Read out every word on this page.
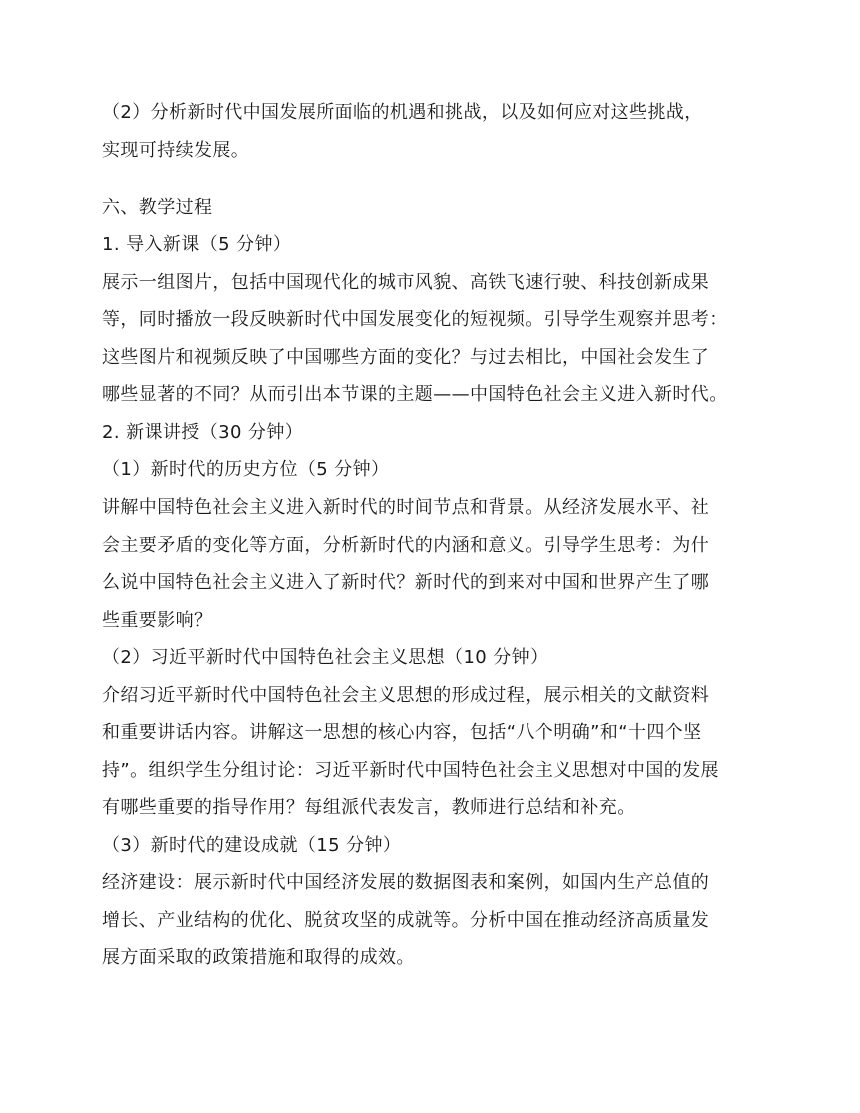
（2）分析新时代中国发展所面临的机遇和挑战，以及如何应对这些挑战，
实现可持续发展。
六、教学过程
1. 导入新课（5 分钟）
展示一组图片，包括中国现代化的城市风貌、高铁飞速行驶、科技创新成果
等，同时播放一段反映新时代中国发展变化的短视频。引导学生观察并思考：
这些图片和视频反映了中国哪些方面的变化？与过去相比，中国社会发生了
哪些显著的不同？从而引出本节课的主题——中国特色社会主义进入新时代。
2. 新课讲授（30 分钟）
（1）新时代的历史方位（5 分钟）
讲解中国特色社会主义进入新时代的时间节点和背景。从经济发展水平、社
会主要矛盾的变化等方面，分析新时代的内涵和意义。引导学生思考：为什
么说中国特色社会主义进入了新时代？新时代的到来对中国和世界产生了哪
些重要影响？
（2）习近平新时代中国特色社会主义思想（10 分钟）
介绍习近平新时代中国特色社会主义思想的形成过程，展示相关的文献资料
和重要讲话内容。讲解这一思想的核心内容，包括“八个明确”和“十四个坚
持”。组织学生分组讨论：习近平新时代中国特色社会主义思想对中国的发展
有哪些重要的指导作用？每组派代表发言，教师进行总结和补充。
（3）新时代的建设成就（15 分钟）
经济建设：展示新时代中国经济发展的数据图表和案例，如国内生产总值的
增长、产业结构的优化、脱贫攻坚的成就等。分析中国在推动经济高质量发
展方面采取的政策措施和取得的成效。
